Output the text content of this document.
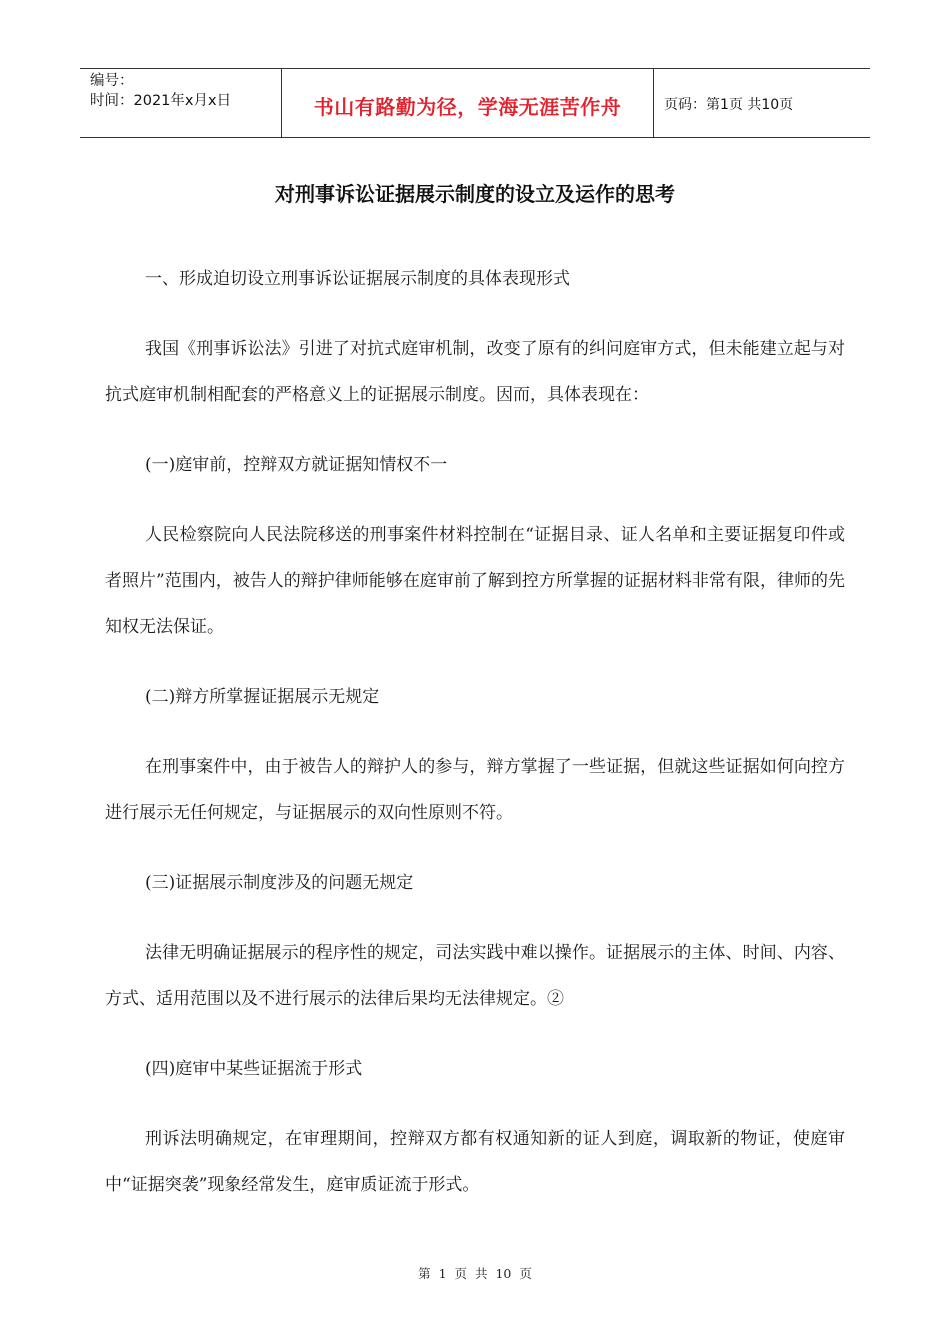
编号：
时间：2021年x月x日	书山有路勤为径，学海无涯苦作舟	页码：第1页 共10页
对刑事诉讼证据展示制度的设立及运作的思考

一、形成迫切设立刑事诉讼证据展示制度的具体表现形式

我国《刑事诉讼法》引进了对抗式庭审机制，改变了原有的纠问庭审方式，但未能建立起与对抗式庭审机制相配套的严格意义上的证据展示制度。因而，具体表现在：

(一)庭审前，控辩双方就证据知情权不一

人民检察院向人民法院移送的刑事案件材料控制在“证据目录、证人名单和主要证据复印件或者照片”范围内，被告人的辩护律师能够在庭审前了解到控方所掌握的证据材料非常有限，律师的先知权无法保证。

(二)辩方所掌握证据展示无规定

在刑事案件中，由于被告人的辩护人的参与，辩方掌握了一些证据，但就这些证据如何向控方进行展示无任何规定，与证据展示的双向性原则不符。

(三)证据展示制度涉及的问题无规定

法律无明确证据展示的程序性的规定，司法实践中难以操作。证据展示的主体、时间、内容、方式、适用范围以及不进行展示的法律后果均无法律规定。②

(四)庭审中某些证据流于形式

刑诉法明确规定，在审理期间，控辩双方都有权通知新的证人到庭，调取新的物证，使庭审中“证据突袭”现象经常发生，庭审质证流于形式。

第 1 页 共 10 页
